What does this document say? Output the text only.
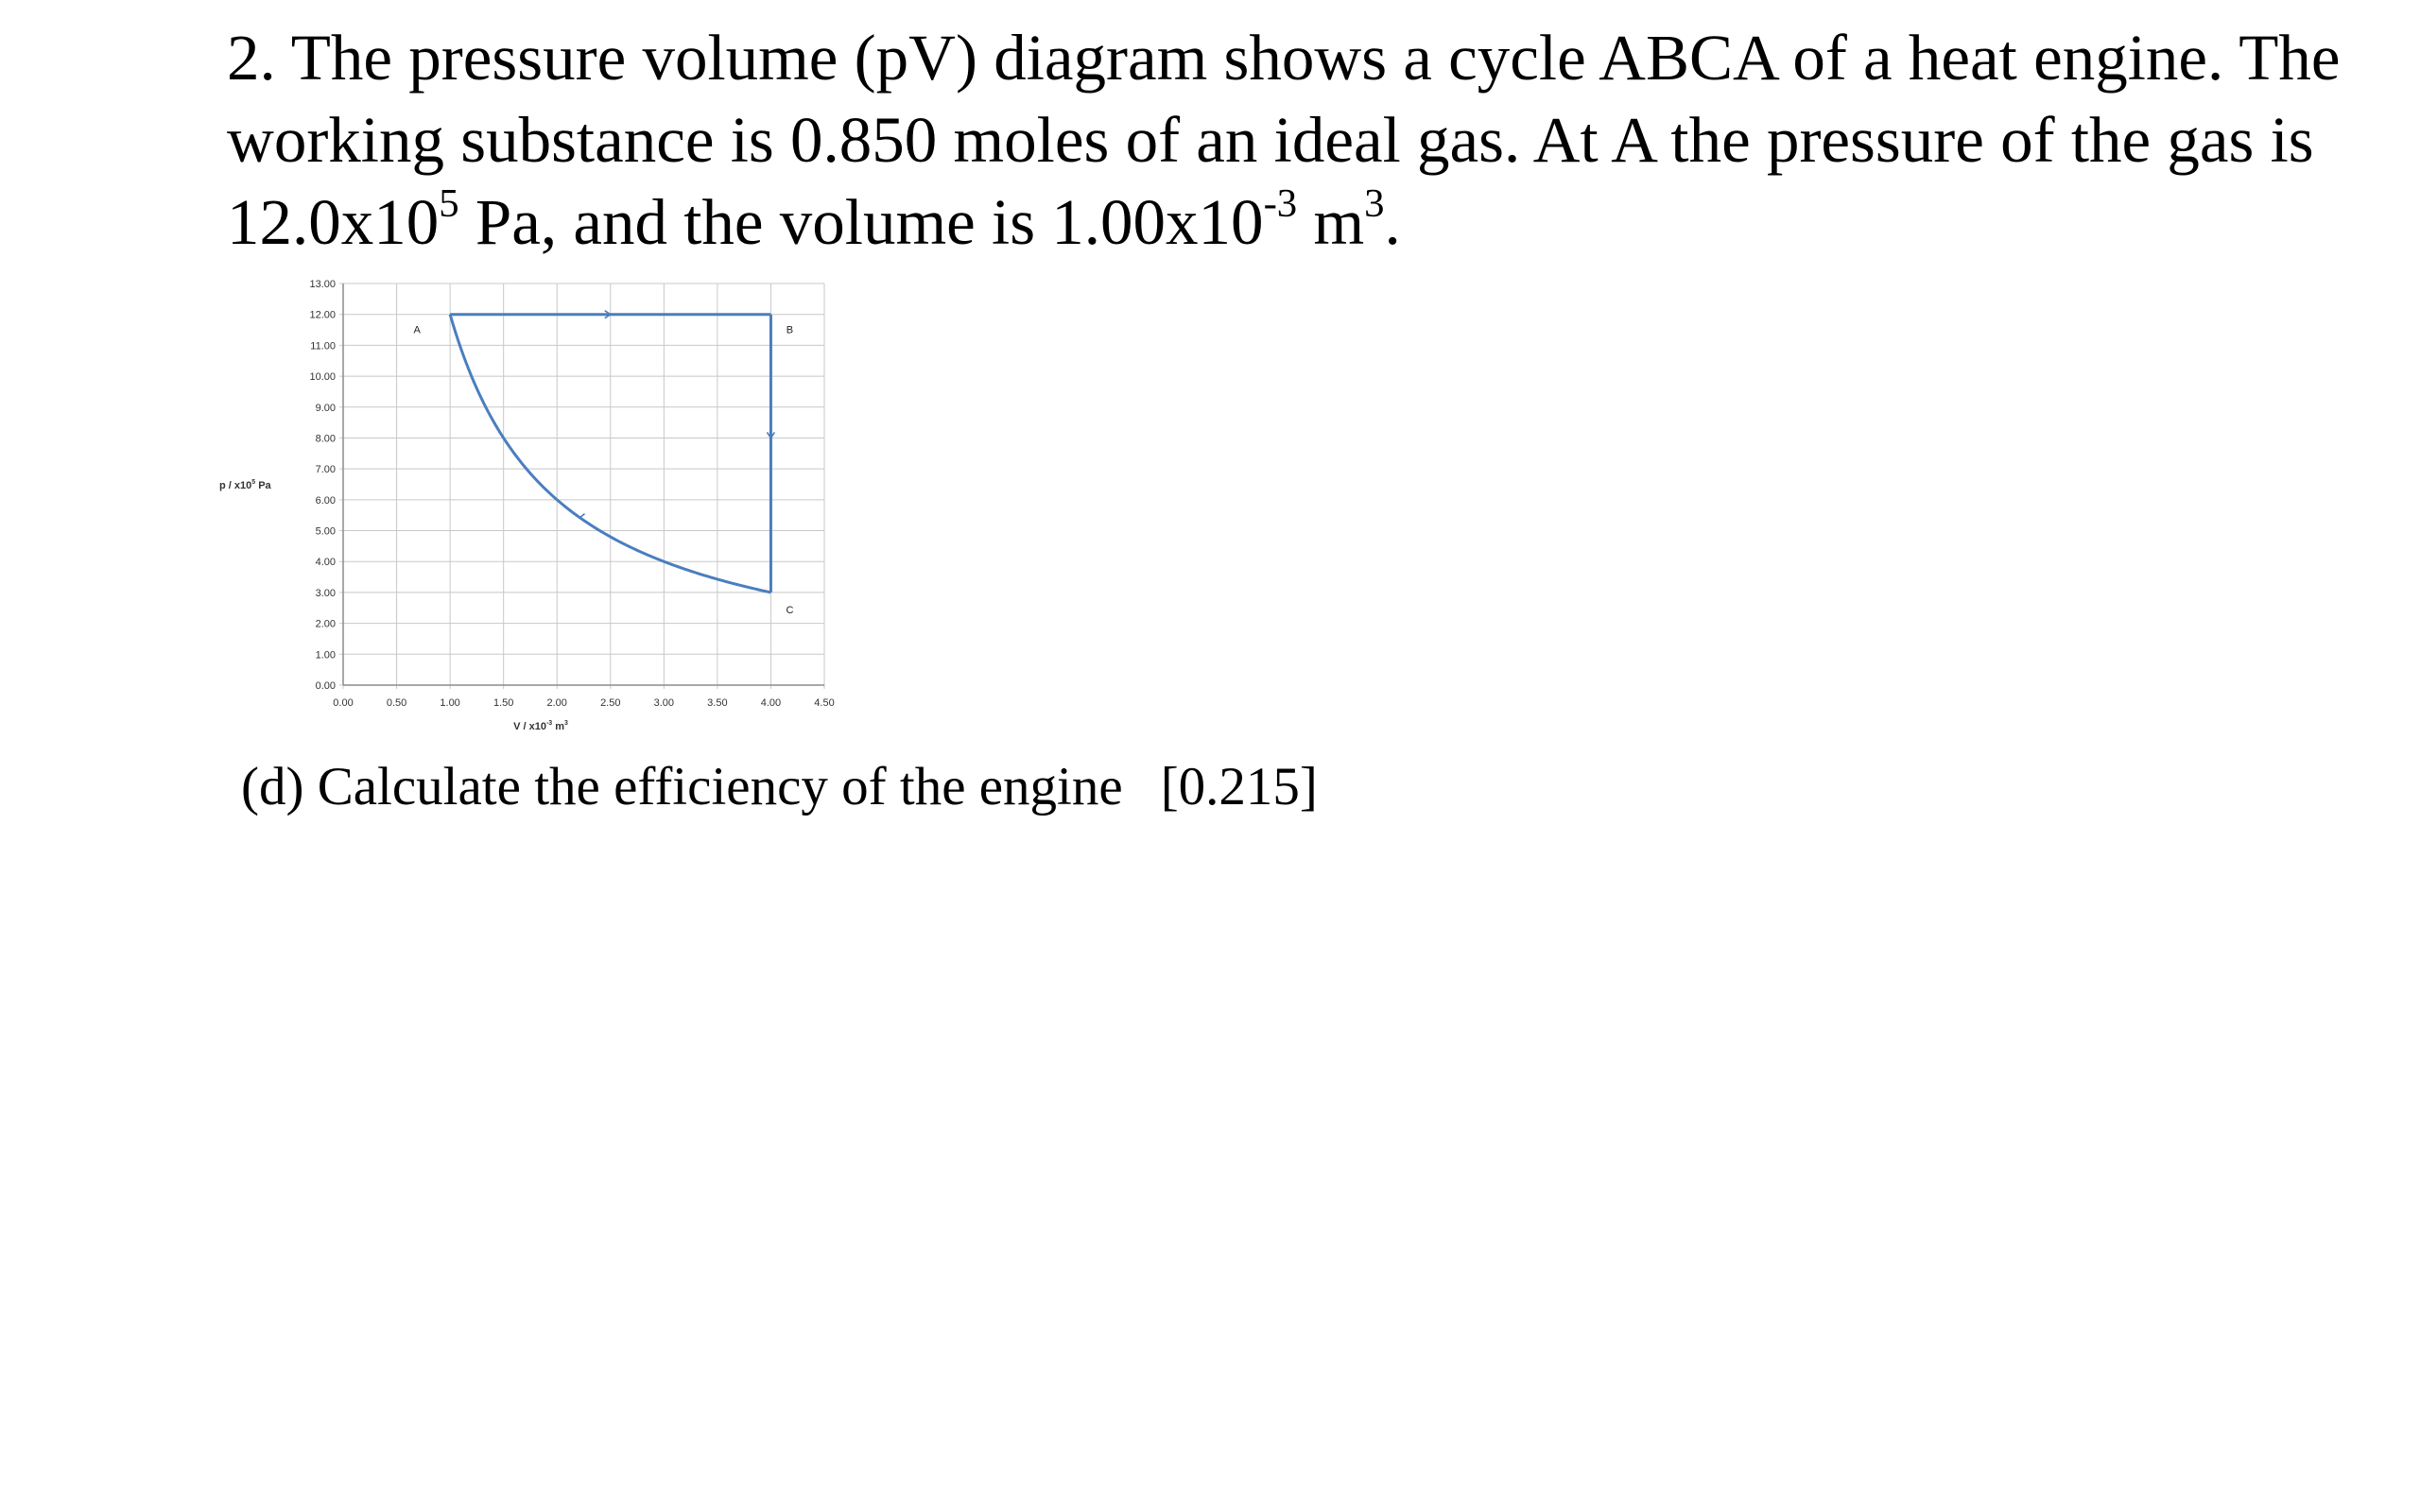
2. The pressure volume (pV) diagram shows a cycle ABCA of a heat engine. The working substance is 0.850 moles of an ideal gas. At A the pressure of the gas is $12.0x10^5$ Pa, and the volume is $1.00x10^{-3}$ $m^3$.

0.00
1.00
2.00
3.00
4.00
5.00
6.00
7.00
8.00
9.00
10.00
11.00
12.00
13.00
0.00	0.50	1.00	1.50	2.00	2.50	3.00	3.50	4.00	4.50
A	B
C
p / $x10^5$ Pa
V / $x10^{-3}$ $m^3$

(d) Calculate the efficiency of the engine [0.215]
